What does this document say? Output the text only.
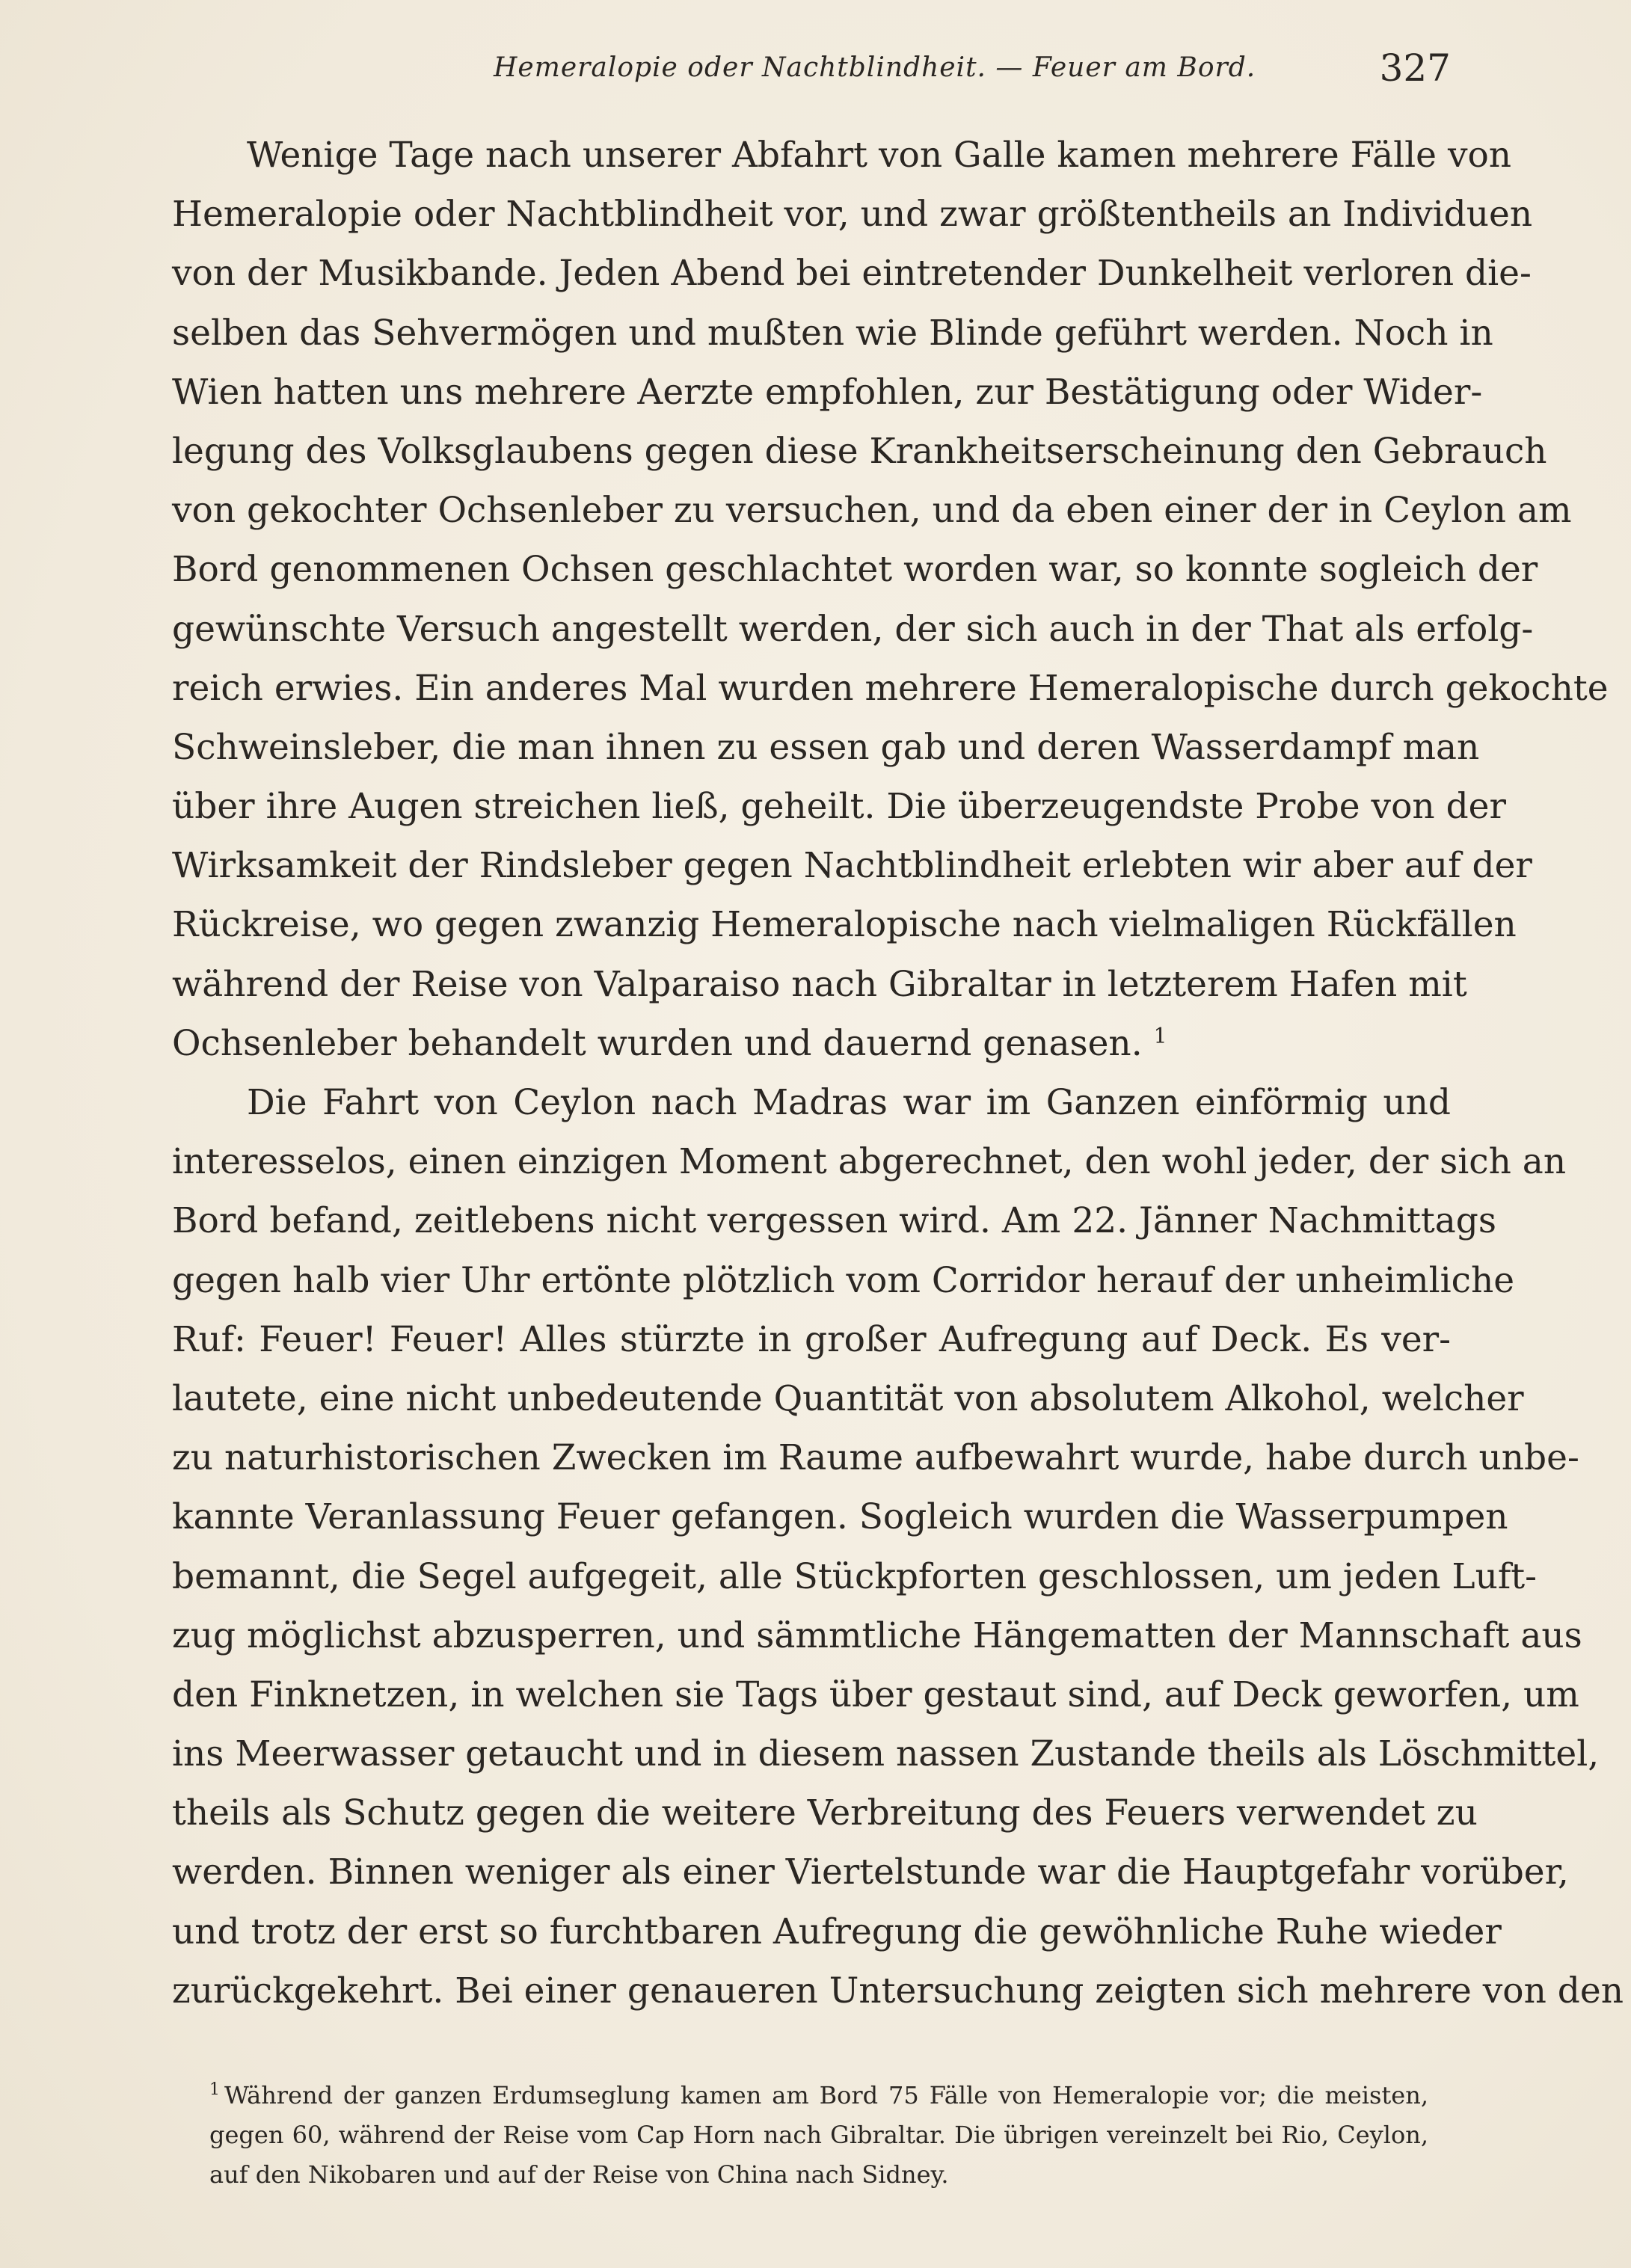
Hemeralopie oder Nachtblindheit. — Feuer am Bord.	327
Wenige Tage nach unserer Abfahrt von Galle kamen mehrere Fälle von
Hemeralopie oder Nachtblindheit vor, und zwar größtentheils an Individuen
von der Musikbande. Jeden Abend bei eintretender Dunkelheit verloren die-
selben das Sehvermögen und mußten wie Blinde geführt werden. Noch in
Wien hatten uns mehrere Aerzte empfohlen, zur Bestätigung oder Wider-
legung des Volksglaubens gegen diese Krankheitserscheinung den Gebrauch
von gekochter Ochsenleber zu versuchen, und da eben einer der in Ceylon am
Bord genommenen Ochsen geschlachtet worden war, so konnte sogleich der
gewünschte Versuch angestellt werden, der sich auch in der That als erfolg-
reich erwies. Ein anderes Mal wurden mehrere Hemeralopische durch gekochte
Schweinsleber, die man ihnen zu essen gab und deren Wasserdampf man
über ihre Augen streichen ließ, geheilt. Die überzeugendste Probe von der
Wirksamkeit der Rindsleber gegen Nachtblindheit erlebten wir aber auf der
Rückreise, wo gegen zwanzig Hemeralopische nach vielmaligen Rückfällen
während der Reise von Valparaiso nach Gibraltar in letzterem Hafen mit
Ochsenleber behandelt wurden und dauernd genasen. $^1$
Die Fahrt von Ceylon nach Madras war im Ganzen einförmig und
interesselos, einen einzigen Moment abgerechnet, den wohl jeder, der sich an
Bord befand, zeitlebens nicht vergessen wird. Am 22. Jänner Nachmittags
gegen halb vier Uhr ertönte plötzlich vom Corridor herauf der unheimliche
Ruf: Feuer! Feuer! Alles stürzte in großer Aufregung auf Deck. Es ver-
lautete, eine nicht unbedeutende Quantität von absolutem Alkohol, welcher
zu naturhistorischen Zwecken im Raume aufbewahrt wurde, habe durch unbe-
kannte Veranlassung Feuer gefangen. Sogleich wurden die Wasserpumpen
bemannt, die Segel aufgegeit, alle Stückpforten geschlossen, um jeden Luft-
zug möglichst abzusperren, und sämmtliche Hängematten der Mannschaft aus
den Finknetzen, in welchen sie Tags über gestaut sind, auf Deck geworfen, um
ins Meerwasser getaucht und in diesem nassen Zustande theils als Löschmittel,
theils als Schutz gegen die weitere Verbreitung des Feuers verwendet zu
werden. Binnen weniger als einer Viertelstunde war die Hauptgefahr vorüber,
und trotz der erst so furchtbaren Aufregung die gewöhnliche Ruhe wieder
zurückgekehrt. Bei einer genaueren Untersuchung zeigten sich mehrere von den
$^1$ Während der ganzen Erdumseglung kamen am Bord 75 Fälle von Hemeralopie vor; die meisten,
gegen 60, während der Reise vom Cap Horn nach Gibraltar. Die übrigen vereinzelt bei Rio, Ceylon,
auf den Nikobaren und auf der Reise von China nach Sidney.
